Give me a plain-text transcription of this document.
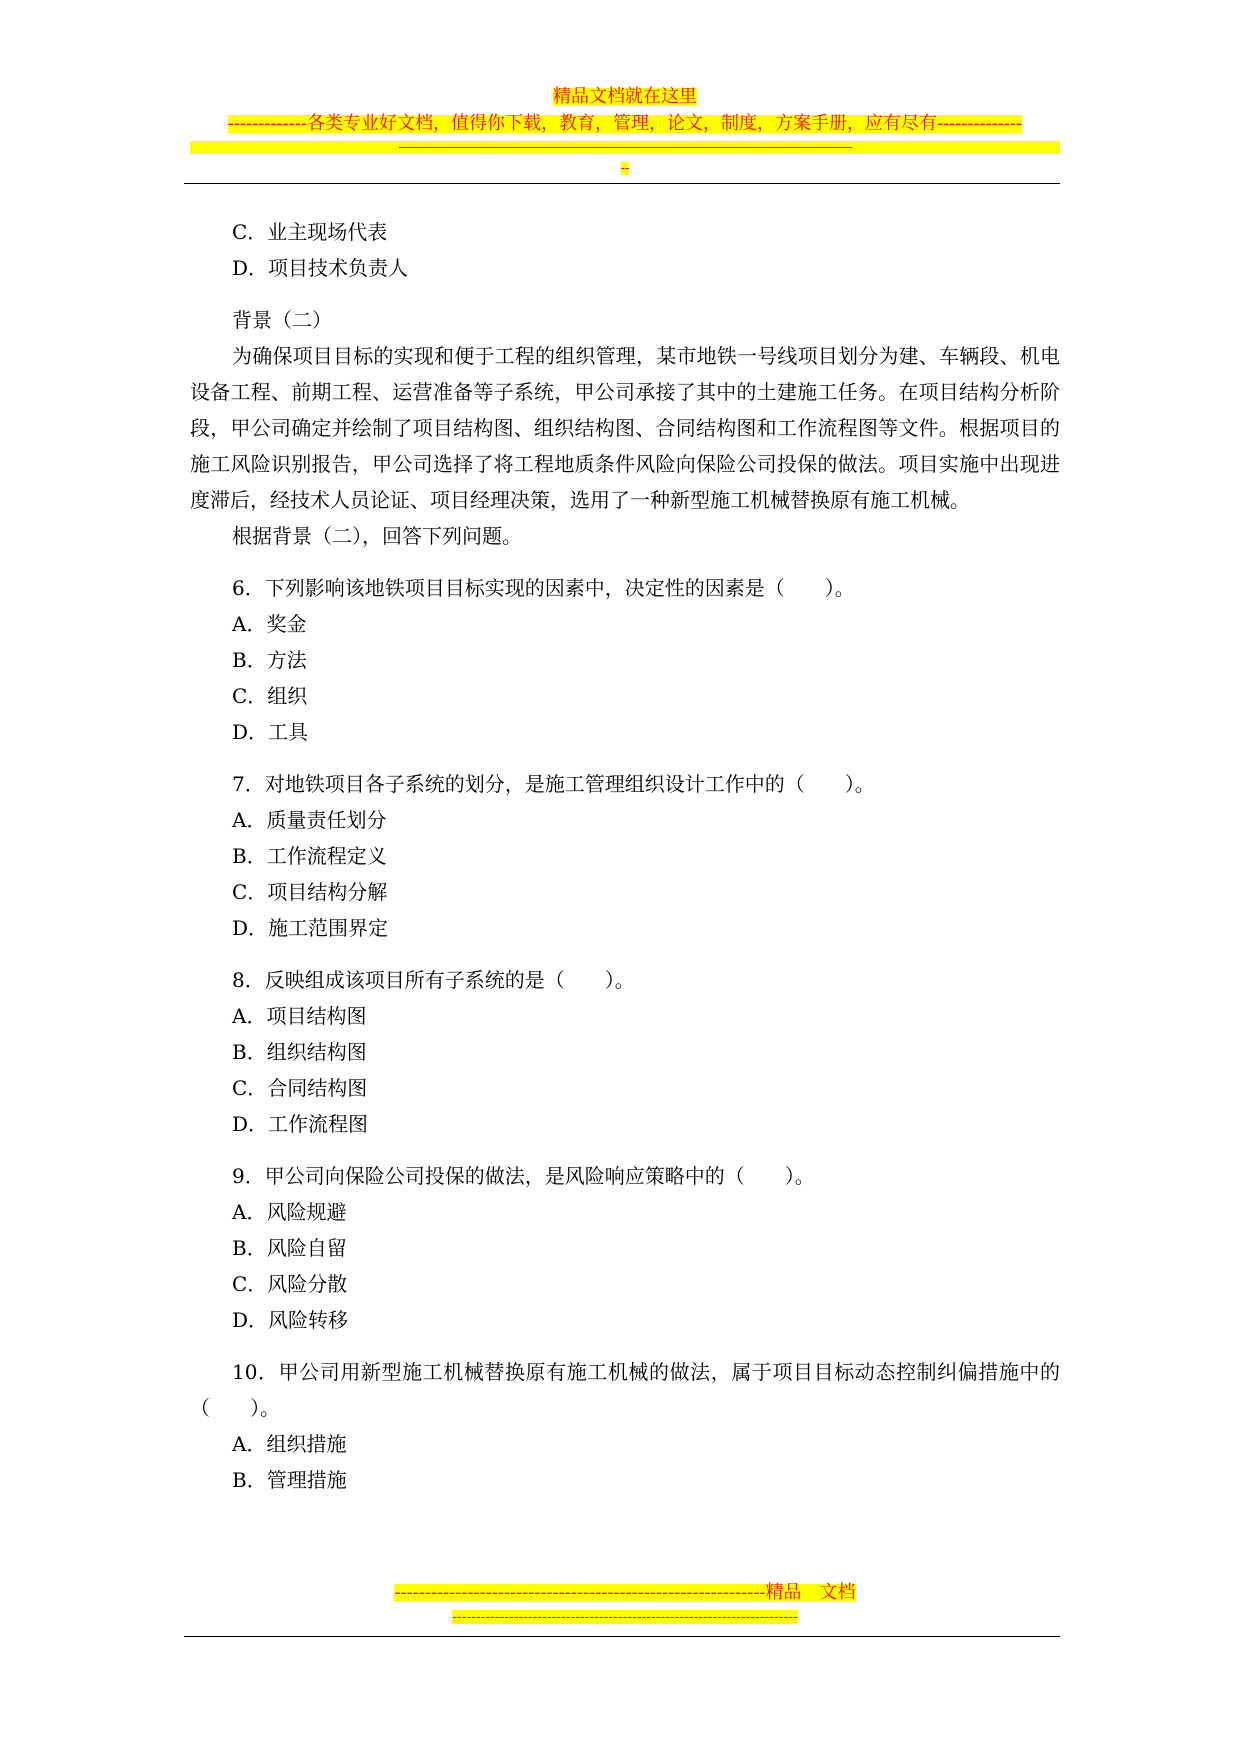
精品文档就在这里
-------------各类专业好文档，值得你下载，教育，管理，论文，制度，方案手册，应有尽有--------------
----------------------------------------------------------------------------------------------------------------------------------------------
--
C．业主现场代表
D．项目技术负责人
背景（二）
为确保项目目标的实现和便于工程的组织管理，某市地铁一号线项目划分为建、车辆段、机电设备工程、前期工程、运营准备等子系统，甲公司承接了其中的土建施工任务。在项目结构分析阶段，甲公司确定并绘制了项目结构图、组织结构图、合同结构图和工作流程图等文件。根据项目的施工风险识别报告，甲公司选择了将工程地质条件风险向保险公司投保的做法。项目实施中出现进度滞后，经技术人员论证、项目经理决策，选用了一种新型施工机械替换原有施工机械。
根据背景（二），回答下列问题。
6．下列影响该地铁项目目标实现的因素中，决定性的因素是（　　）。
A．奖金
B．方法
C．组织
D．工具
7．对地铁项目各子系统的划分，是施工管理组织设计工作中的（　　）。
A．质量责任划分
B．工作流程定义
C．项目结构分解
D．施工范围界定
8．反映组成该项目所有子系统的是（　　）。
A．项目结构图
B．组织结构图
C．合同结构图
D．工作流程图
9．甲公司向保险公司投保的做法，是风险响应策略中的（　　）。
A．风险规避
B．风险自留
C．风险分散
D．风险转移
10．甲公司用新型施工机械替换原有施工机械的做法，属于项目目标动态控制纠偏措施中的（　　）。
A．组织措施
B．管理措施
-------------------------------------------------------------精品　文档
-------------------------------------------------------------------------
